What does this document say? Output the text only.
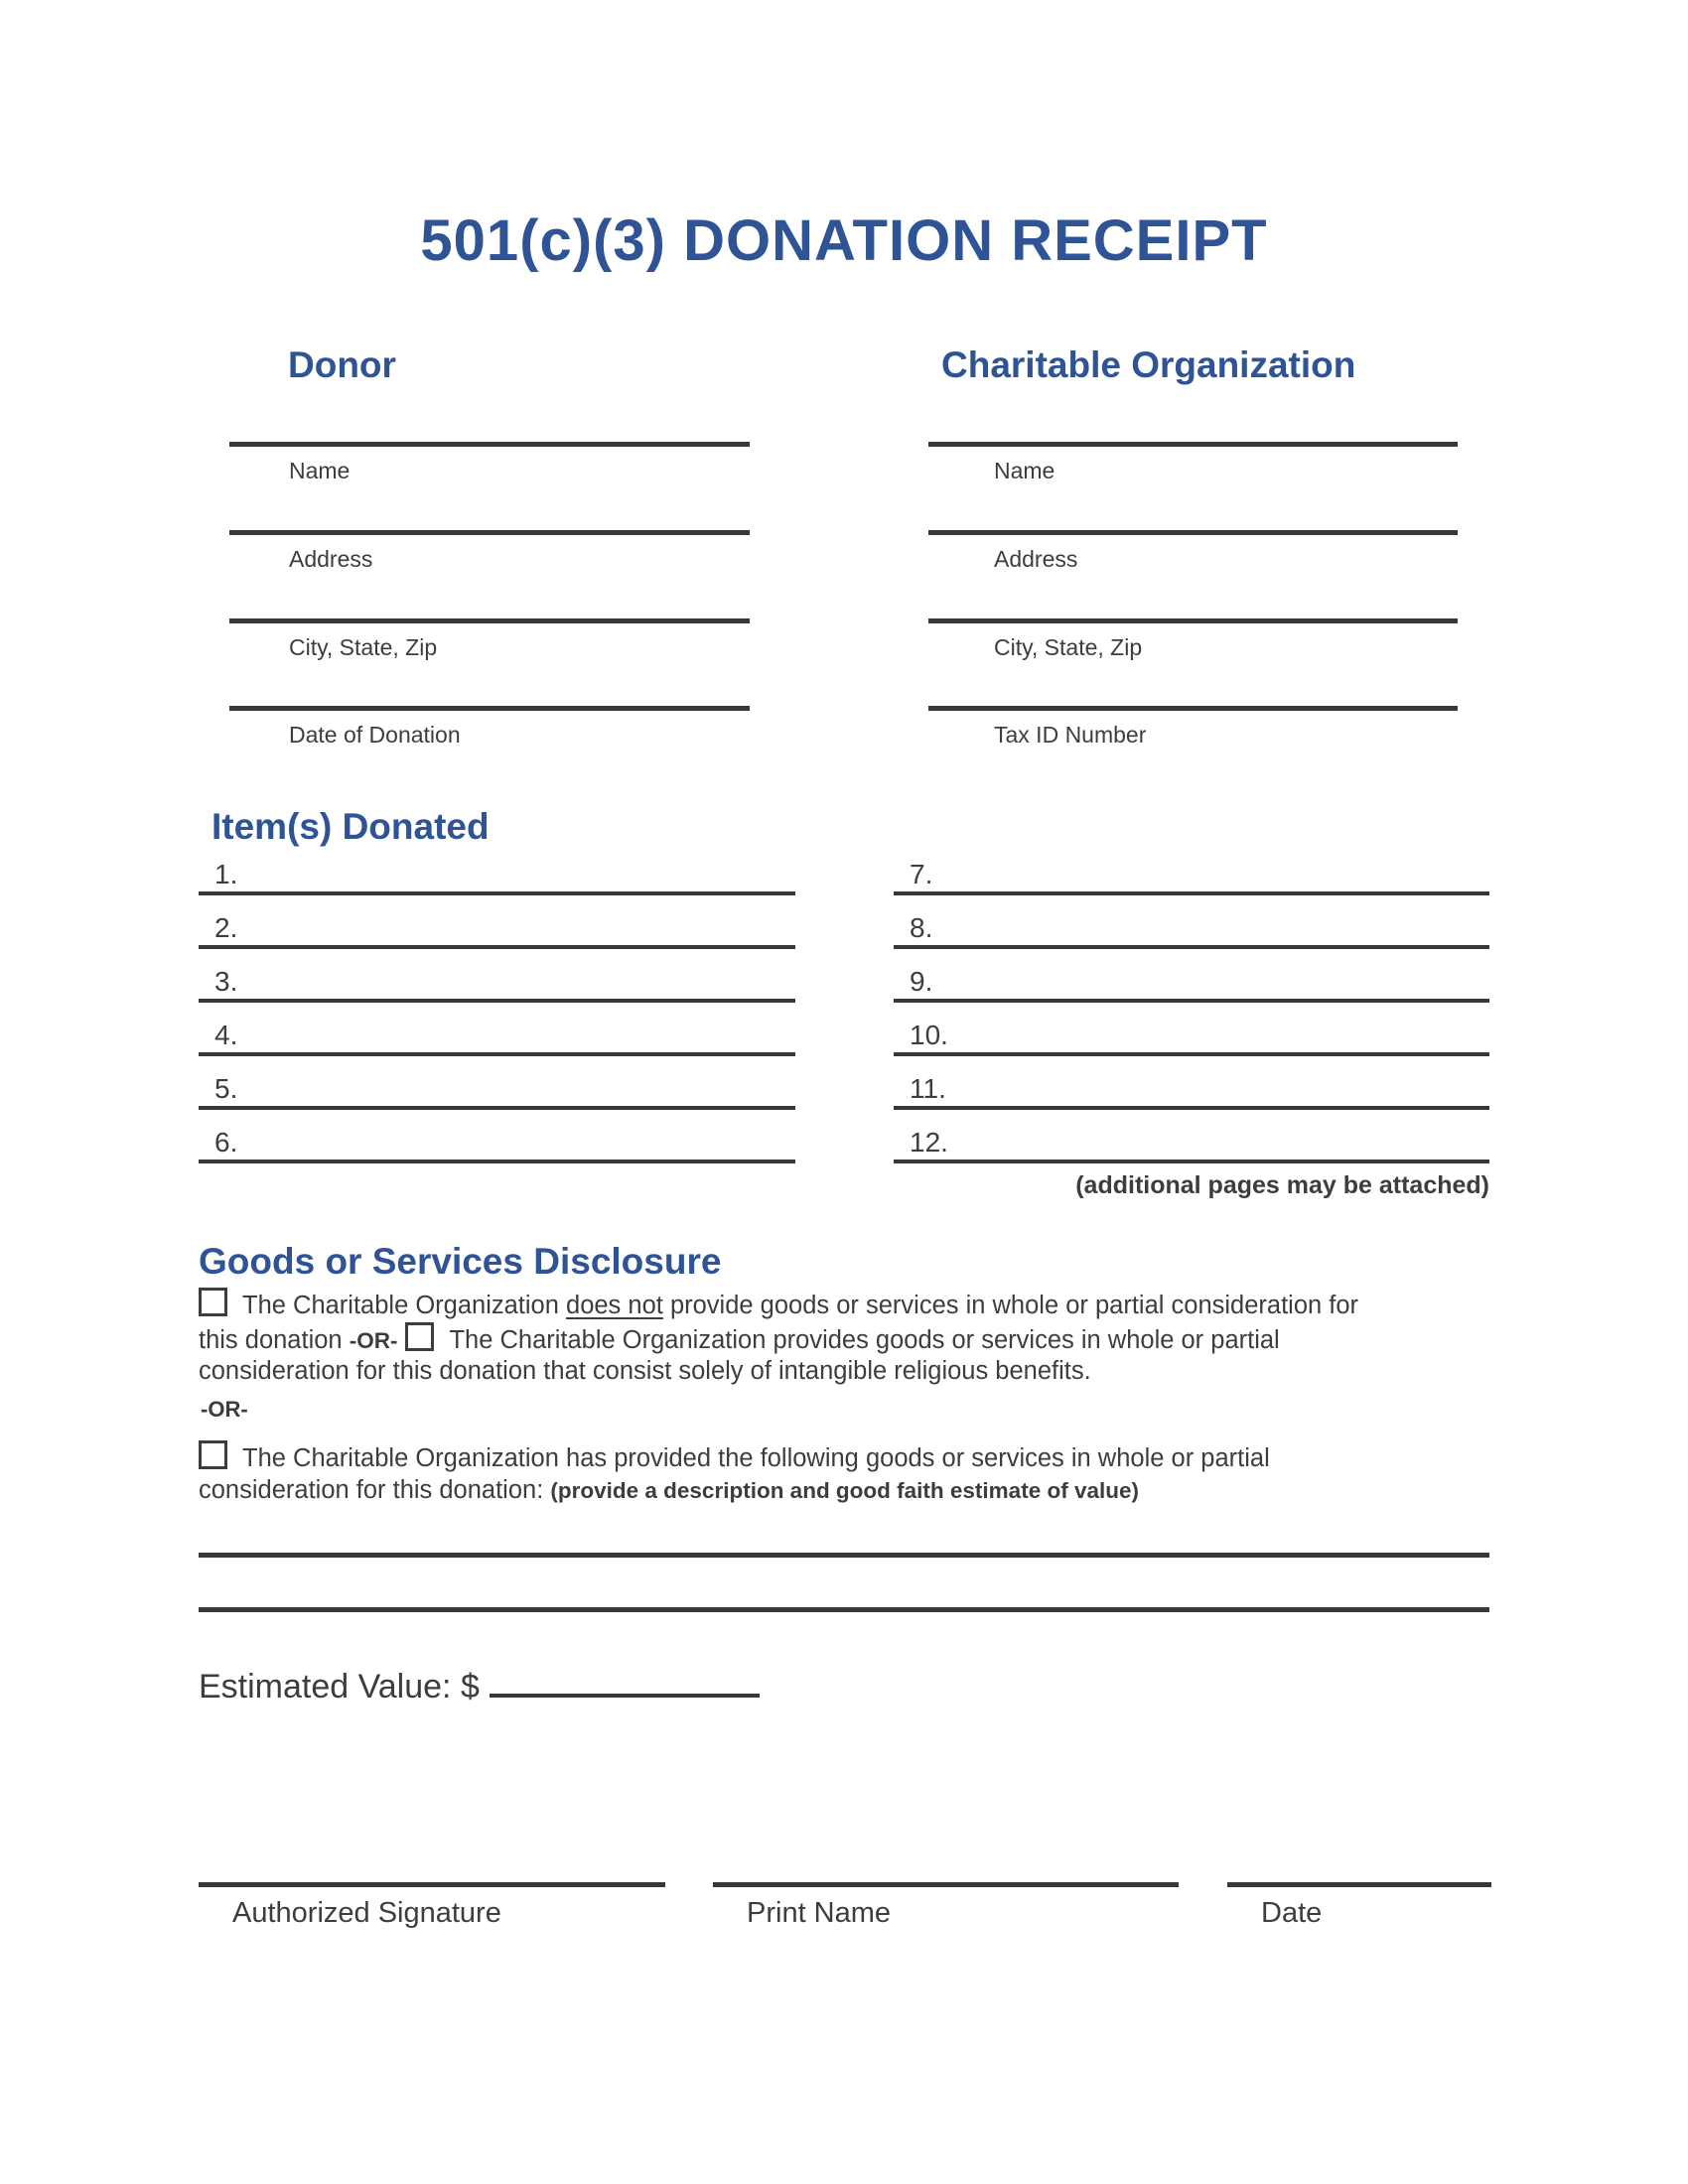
501(c)(3) DONATION RECEIPT
Donor	Charitable Organization
Name
Address
City, State, Zip
Date of Donation
Name
Address
City, State, Zip
Tax ID Number
Item(s) Donated
1.
2.
3.
4.
5.
6.
7.
8.
9.
10.
11.
12.
(additional pages may be attached)
Goods or Services Disclosure
The Charitable Organization does not provide goods or services in whole or partial consideration for
this donation -OR- The Charitable Organization provides goods or services in whole or partial
consideration for this donation that consist solely of intangible religious benefits.
-OR-
The Charitable Organization has provided the following goods or services in whole or partial
consideration for this donation: (provide a description and good faith estimate of value)
Estimated Value: $
Authorized Signature	Print Name	Date
